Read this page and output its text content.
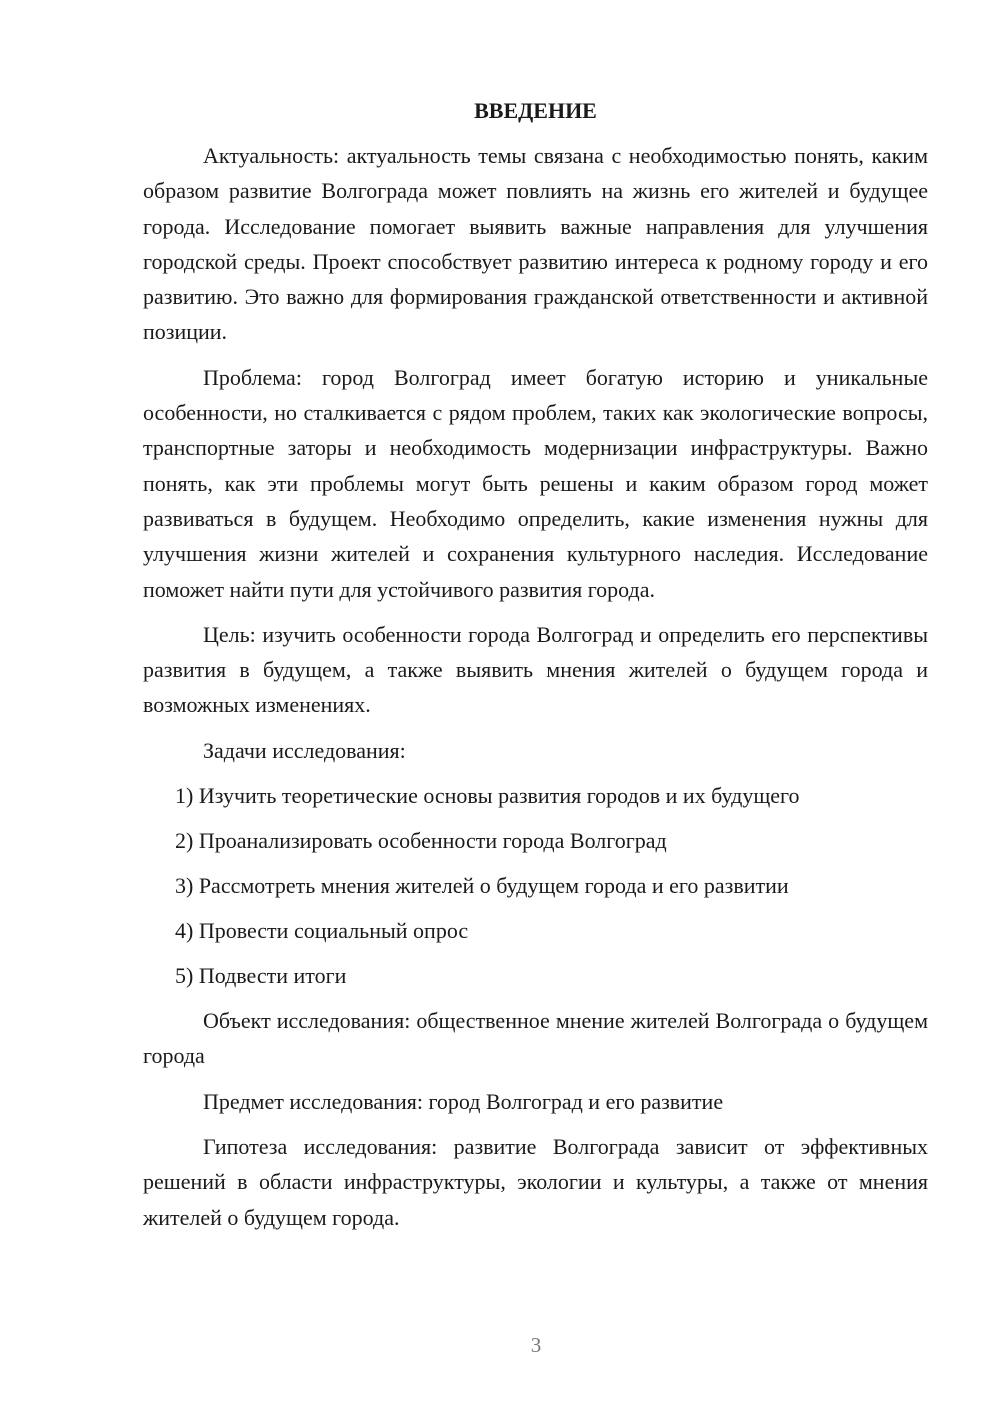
ВВЕДЕНИЕ

Актуальность: актуальность темы связана с необходимостью понять, каким образом развитие Волгограда может повлиять на жизнь его жителей и будущее города. Исследование помогает выявить важные направления для улучшения городской среды. Проект способствует развитию интереса к родному городу и его развитию. Это важно для формирования гражданской ответственности и активной позиции.

Проблема: город Волгоград имеет богатую историю и уникальные особенности, но сталкивается с рядом проблем, таких как экологические вопросы, транспортные заторы и необходимость модернизации инфраструктуры. Важно понять, как эти проблемы могут быть решены и каким образом город может развиваться в будущем. Необходимо определить, какие изменения нужны для улучшения жизни жителей и сохранения культурного наследия. Исследование поможет найти пути для устойчивого развития города.

Цель: изучить особенности города Волгоград и определить его перспективы развития в будущем, а также выявить мнения жителей о будущем города и возможных изменениях.

Задачи исследования:

1) Изучить теоретические основы развития городов и их будущего

2) Проанализировать особенности города Волгоград

3) Рассмотреть мнения жителей о будущем города и его развитии

4) Провести социальный опрос

5) Подвести итоги

Объект исследования: общественное мнение жителей Волгограда о будущем города

Предмет исследования: город Волгоград и его развитие

Гипотеза исследования: развитие Волгограда зависит от эффективных решений в области инфраструктуры, экологии и культуры, а также от мнения жителей о будущем города.

3
